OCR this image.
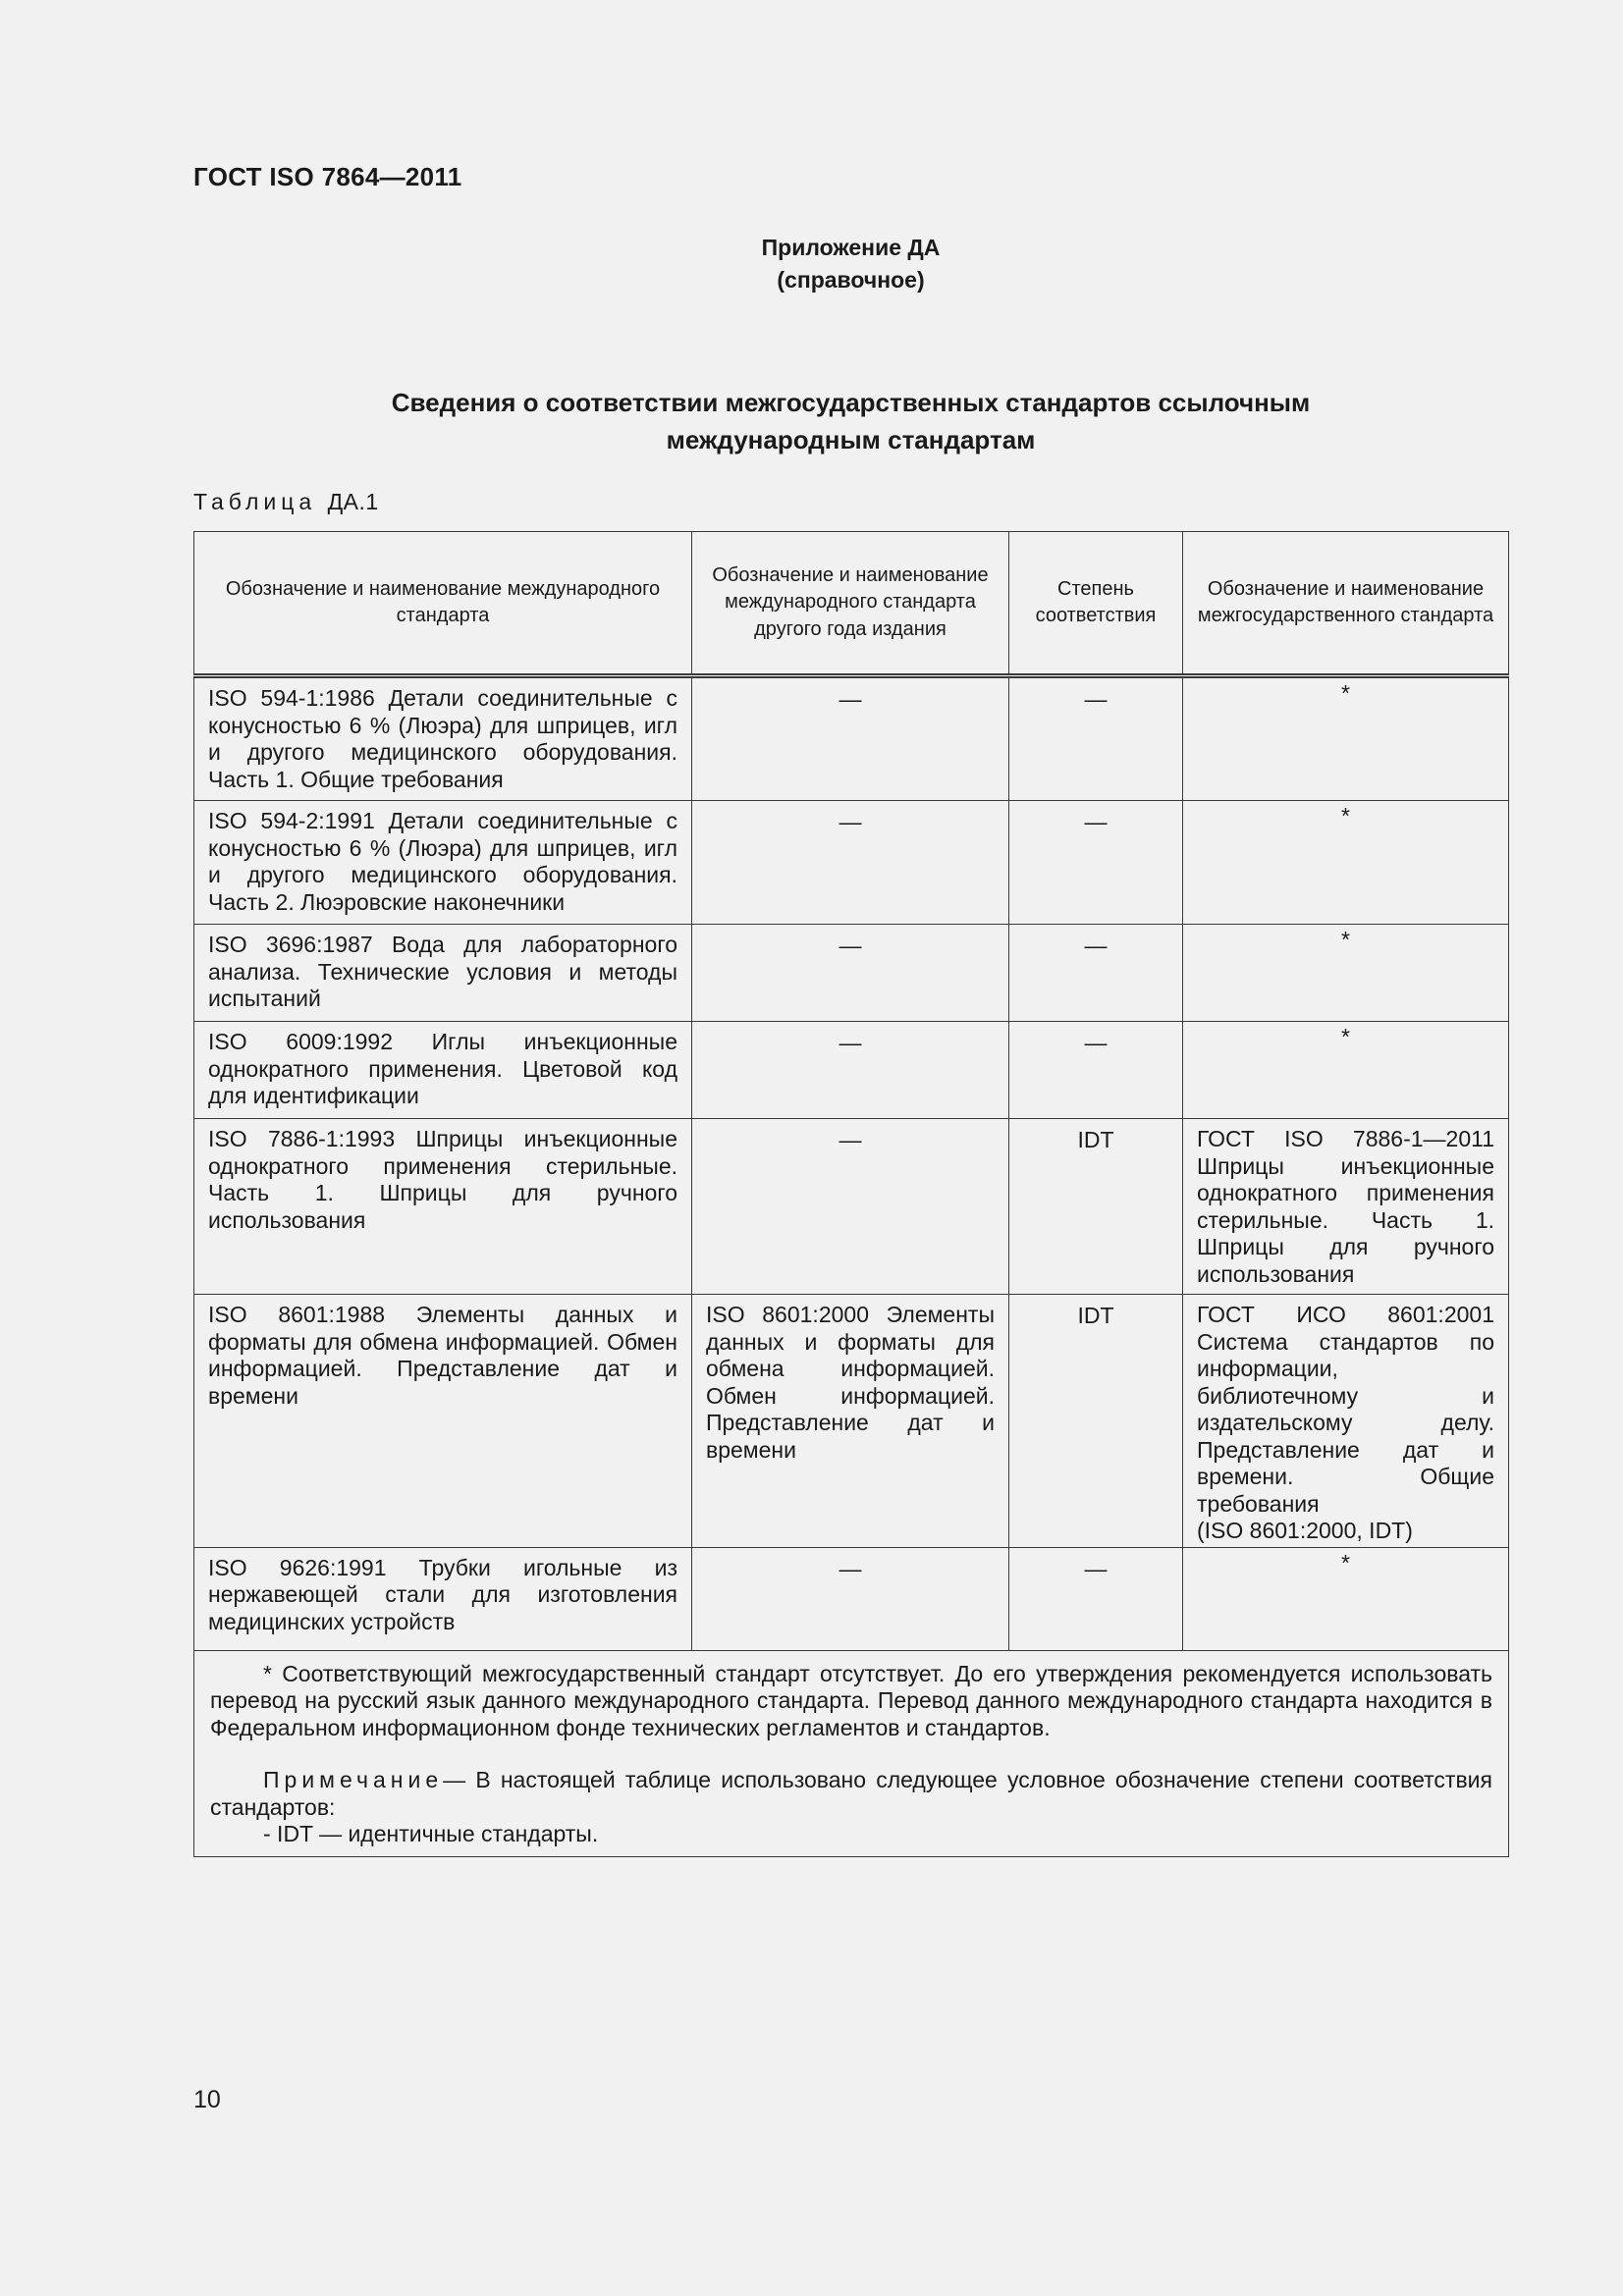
ГОСТ ISO 7864—2011
Приложение ДА
(справочное)
Сведения о соответствии межгосударственных стандартов ссылочным
международным стандартам
Таблица ДА.1
Обозначение и наименование международного стандарта	Обозначение и наименование международного стандарта другого года издания	Степень соответствия	Обозначение и наименование межгосударственного стандарта
ISO 594-1:1986 Детали соединительные с конусностью 6 % (Люэра) для шприцев, игл и другого медицинского оборудования. Часть 1. Общие требования	—	—	*
ISO 594-2:1991 Детали соединительные с конусностью 6 % (Люэра) для шприцев, игл и другого медицинского оборудования. Часть 2. Люэровские наконечники	—	—	*
ISO 3696:1987 Вода для лабораторного анализа. Технические условия и методы испытаний	—	—	*
ISO 6009:1992 Иглы инъекционные однократного применения. Цветовой код для идентификации	—	—	*
ISO 7886-1:1993 Шприцы инъекционные однократного применения стерильные. Часть 1. Шприцы для ручного использования	—	IDT	ГОСТ ISO 7886-1—2011 Шприцы инъекционные однократного применения стерильные. Часть 1. Шприцы для ручного использования
ISO 8601:1988 Элементы данных и форматы для обмена информацией. Обмен информацией. Представление дат и времени	ISO 8601:2000 Элементы данных и форматы для обмена информацией. Обмен информацией. Представление дат и времени	IDT	ГОСТ ИСО 8601:2001 Система стандартов по информации, библиотечному и издательскому делу. Представление дат и времени. Общие требования
(ISO 8601:2000, IDT)

ISO 9626:1991 Трубки игольные из нержавеющей стали для изготовления медицинских устройств	—	—	*

* Соответствующий межгосударственный стандарт отсутствует. До его утверждения рекомендуется использовать перевод на русский язык данного международного стандарта. Перевод данного международного стандарта находится в Федеральном информационном фонде технических регламентов и стандартов.

Примечание— В настоящей таблице использовано следующее условное обозначение степени соответствия стандартов:

- IDT — идентичные стандарты.			

10
